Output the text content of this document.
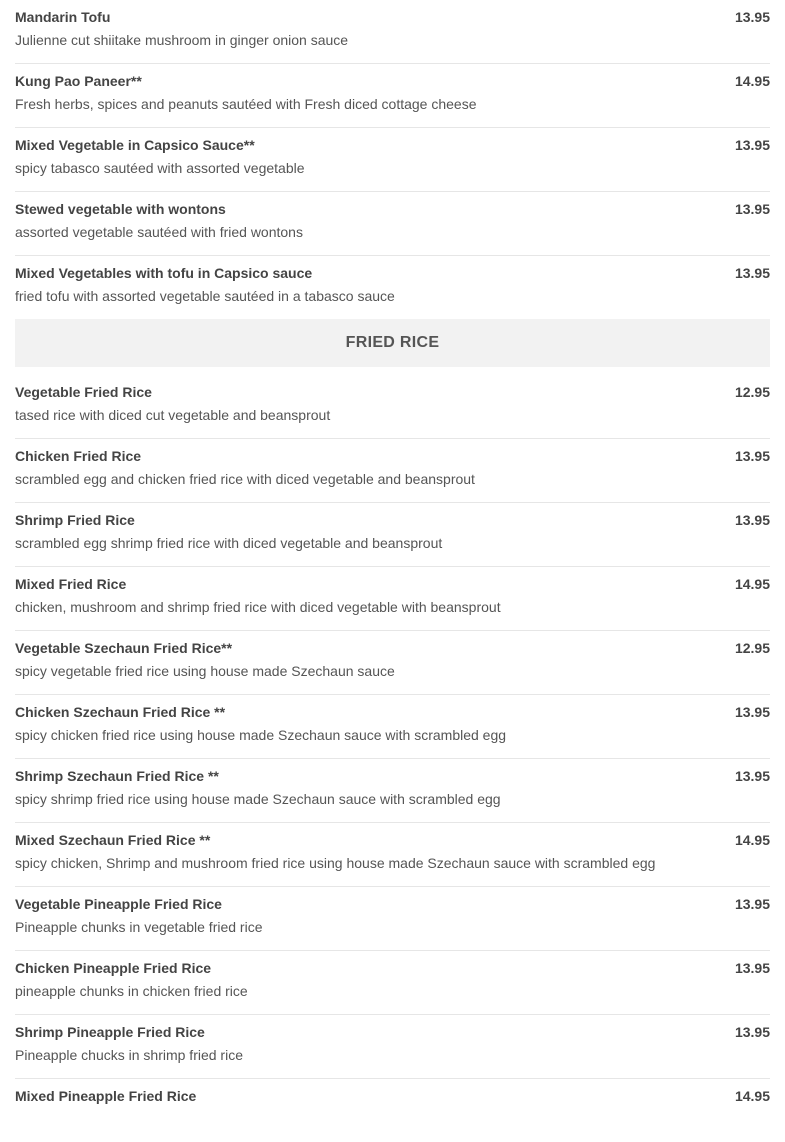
Mandarin Tofu	13.95
Julienne cut shiitake mushroom in ginger onion sauce
Kung Pao Paneer**	14.95
Fresh herbs, spices and peanuts sautéed with Fresh diced cottage cheese
Mixed Vegetable in Capsico Sauce**	13.95
spicy tabasco sautéed with assorted vegetable
Stewed vegetable with wontons	13.95
assorted vegetable sautéed with fried wontons
Mixed Vegetables with tofu in Capsico sauce	13.95
fried tofu with assorted vegetable sautéed in a tabasco sauce
FRIED RICE
Vegetable Fried Rice	12.95
tased rice with diced cut vegetable and beansprout
Chicken Fried Rice	13.95
scrambled egg and chicken fried rice with diced vegetable and beansprout
Shrimp Fried Rice	13.95
scrambled egg shrimp fried rice with diced vegetable and beansprout
Mixed Fried Rice	14.95
chicken, mushroom and shrimp fried rice with diced vegetable with beansprout
Vegetable Szechaun Fried Rice**	12.95
spicy vegetable fried rice using house made Szechaun sauce
Chicken Szechaun Fried Rice **	13.95
spicy chicken fried rice using house made Szechaun sauce with scrambled egg
Shrimp Szechaun Fried Rice **	13.95
spicy shrimp fried rice using house made Szechaun sauce with scrambled egg
Mixed Szechaun Fried Rice **	14.95
spicy chicken, Shrimp and mushroom fried rice using house made Szechaun sauce with scrambled egg
Vegetable Pineapple Fried Rice	13.95
Pineapple chunks in vegetable fried rice
Chicken Pineapple Fried Rice	13.95
pineapple chunks in chicken fried rice
Shrimp Pineapple Fried Rice	13.95
Pineapple chucks in shrimp fried rice
Mixed Pineapple Fried Rice	14.95
